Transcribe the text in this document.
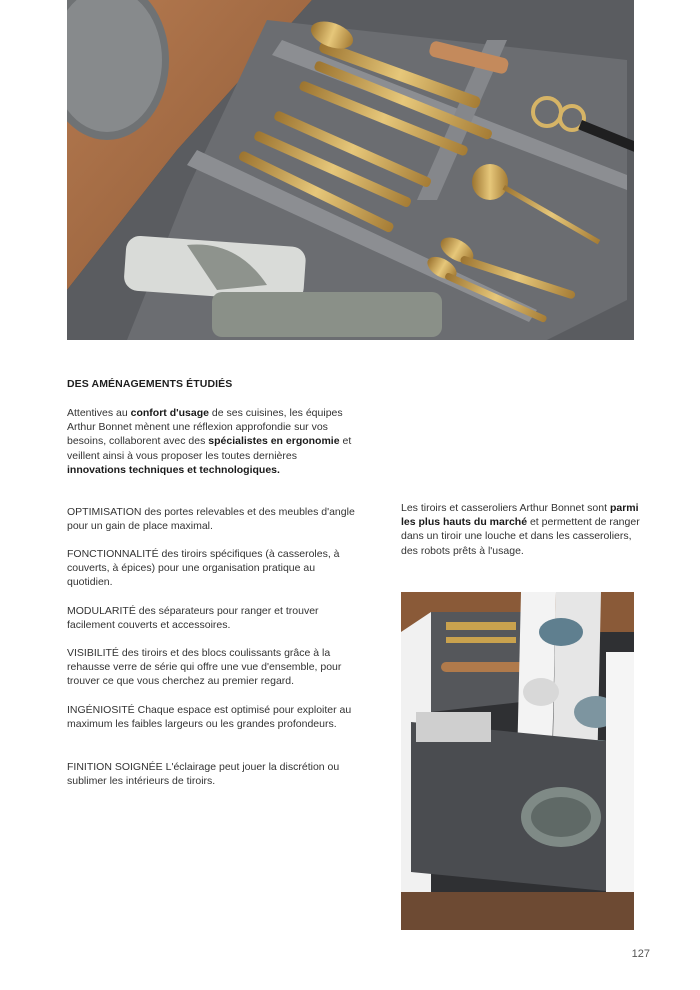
DES AMÉNAGEMENTS ÉTUDIÉS
Attentives au confort d'usage de ses cuisines, les équipes Arthur Bonnet mènent une réflexion approfondie sur vos besoins, collaborent avec des spécialistes en ergonomie et veillent ainsi à vous proposer les toutes dernières innovations techniques et technologiques.
OPTIMISATION des portes relevables et des meubles d'angle pour un gain de place maximal.
FONCTIONNALITÉ des tiroirs spécifiques (à casseroles, à couverts, à épices) pour une organisation pratique au quotidien.
MODULARITÉ des séparateurs pour ranger et trouver facilement couverts et accessoires.
VISIBILITÉ des tiroirs et des blocs coulissants grâce à la rehausse verre de série qui offre une vue d'ensemble, pour trouver ce que vous cherchez au premier regard.
INGÉNIOSITÉ Chaque espace est optimisé pour exploiter au maximum les faibles largeurs ou les grandes profondeurs.
FINITION SOIGNÉE L'éclairage peut jouer la discrétion ou sublimer les intérieurs de tiroirs.
Les tiroirs et casseroliers Arthur Bonnet sont parmi les plus hauts du marché et permettent de ranger dans un tiroir une louche et dans les casseroliers, des robots prêts à l'usage.
127
